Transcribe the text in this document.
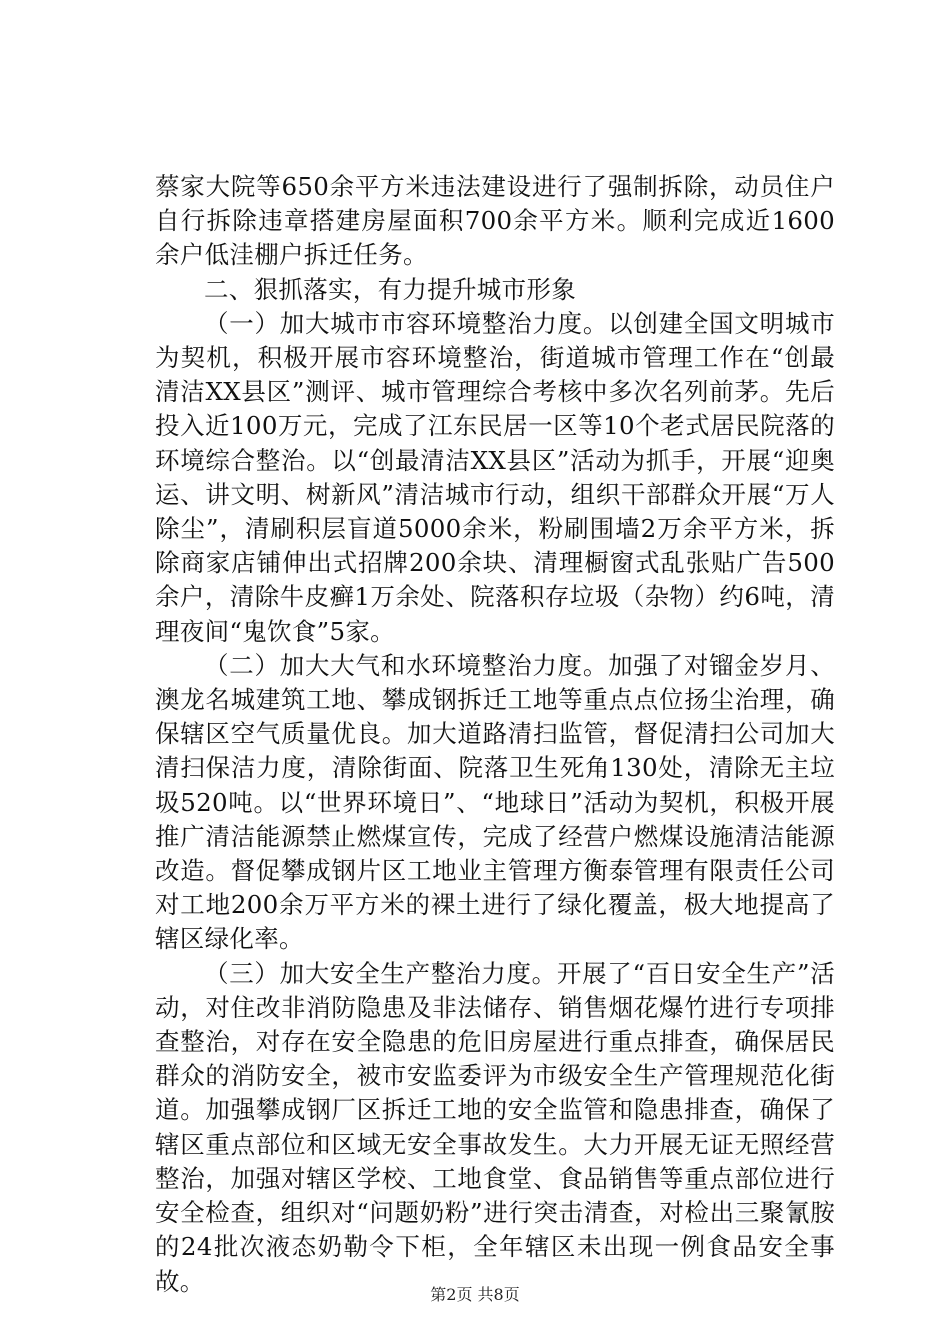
蔡家大院等650余平方米违法建设进行了强制拆除，动员住户自行拆除违章搭建房屋面积700余平方米。顺利完成近1600余户低洼棚户拆迁任务。

二、狠抓落实，有力提升城市形象

（一）加大城市市容环境整治力度。以创建全国文明城市为契机，积极开展市容环境整治，街道城市管理工作在“创最清洁XX县区”测评、城市管理综合考核中多次名列前茅。先后投入近100万元，完成了江东民居一区等10个老式居民院落的环境综合整治。以“创最清洁XX县区”活动为抓手，开展“迎奥运、讲文明、树新风”清洁城市行动，组织干部群众开展“万人除尘”，清刷积层盲道5000余米，粉刷围墙2万余平方米，拆除商家店铺伸出式招牌200余块、清理橱窗式乱张贴广告500余户，清除牛皮癣1万余处、院落积存垃圾（杂物）约6吨，清理夜间“鬼饮食”5家。

（二）加大大气和水环境整治力度。加强了对镏金岁月、澳龙名城建筑工地、攀成钢拆迁工地等重点点位扬尘治理，确保辖区空气质量优良。加大道路清扫监管，督促清扫公司加大清扫保洁力度，清除街面、院落卫生死角130处，清除无主垃圾520吨。以“世界环境日”、“地球日”活动为契机，积极开展推广清洁能源禁止燃煤宣传，完成了经营户燃煤设施清洁能源改造。督促攀成钢片区工地业主管理方衡泰管理有限责任公司对工地200余万平方米的裸土进行了绿化覆盖，极大地提高了辖区绿化率。

（三）加大安全生产整治力度。开展了“百日安全生产”活动，对住改非消防隐患及非法储存、销售烟花爆竹进行专项排查整治，对存在安全隐患的危旧房屋进行重点排查，确保居民群众的消防安全，被市安监委评为市级安全生产管理规范化街道。加强攀成钢厂区拆迁工地的安全监管和隐患排查，确保了辖区重点部位和区域无安全事故发生。大力开展无证无照经营整治，加强对辖区学校、工地食堂、食品销售等重点部位进行安全检查，组织对“问题奶粉”进行突击清查，对检出三聚氰胺的24批次液态奶勒令下柜，全年辖区未出现一例食品安全事故。	第2页 共8页
